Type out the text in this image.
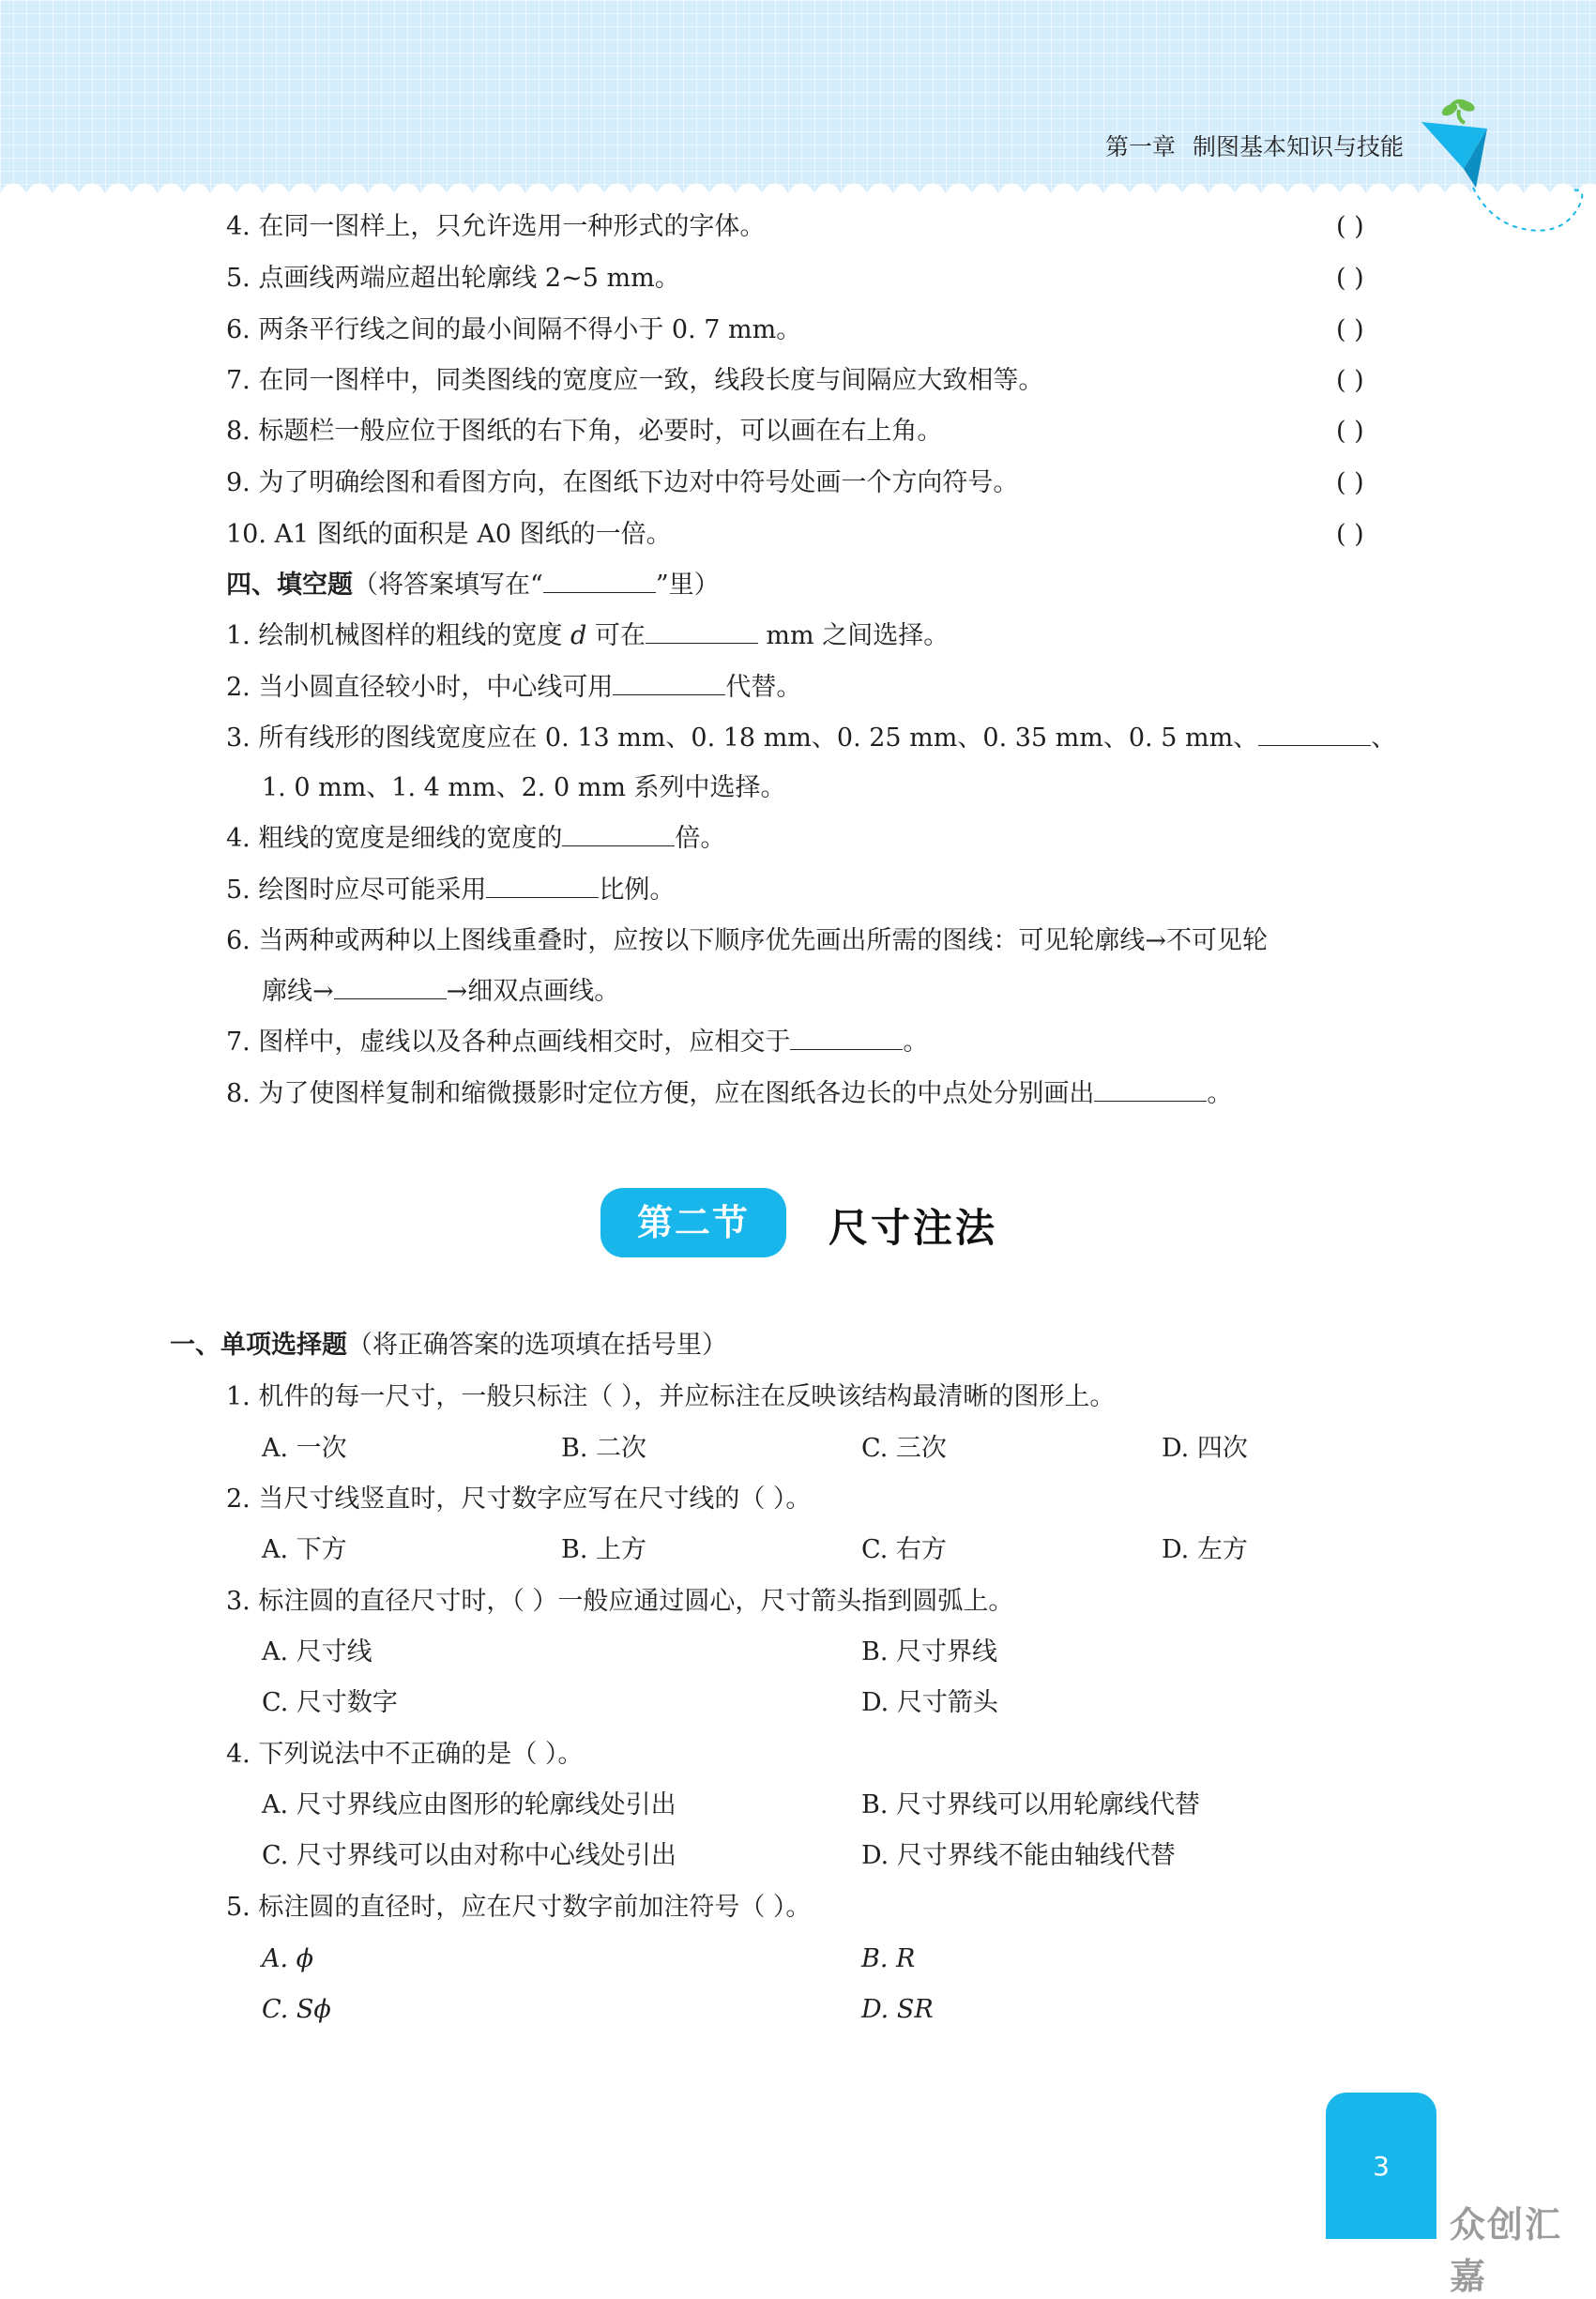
第一章 制图基本知识与技能
4. 在同一图样上，只允许选用一种形式的字体。	( )
5. 点画线两端应超出轮廓线 2~5 mm。	( )
6. 两条平行线之间的最小间隔不得小于 0. 7 mm。	( )
7. 在同一图样中，同类图线的宽度应一致，线段长度与间隔应大致相等。	( )
8. 标题栏一般应位于图纸的右下角，必要时，可以画在右上角。	( )
9. 为了明确绘图和看图方向，在图纸下边对中符号处画一个方向符号。	( )
10. A1 图纸的面积是 A0 图纸的一倍。	( )
四、填空题（将答案填写在“	”里）
1. 绘制机械图样的粗线的宽度 d 可在	mm 之间选择。
2. 当小圆直径较小时，中心线可用	代替。
3. 所有线形的图线宽度应在 0. 13 mm、0. 18 mm、0. 25 mm、0. 35 mm、0. 5 mm、	、
1. 0 mm、1. 4 mm、2. 0 mm 系列中选择。
4. 粗线的宽度是细线的宽度的	倍。
5. 绘图时应尽可能采用	比例。
6. 当两种或两种以上图线重叠时，应按以下顺序优先画出所需的图线：可见轮廓线→不可见轮
廓线→	→细双点画线。
7. 图样中，虚线以及各种点画线相交时，应相交于	。
8. 为了使图样复制和缩微摄影时定位方便，应在图纸各边长的中点处分别画出	。
第二节	尺寸注法
一、单项选择题（将正确答案的选项填在括号里）
1. 机件的每一尺寸，一般只标注（ ），并应标注在反映该结构最清晰的图形上。
A. 一次	B. 二次	C. 三次	D. 四次
2. 当尺寸线竖直时，尺寸数字应写在尺寸线的（ ）。
A. 下方	B. 上方	C. 右方	D. 左方
3. 标注圆的直径尺寸时，（ ）一般应通过圆心，尺寸箭头指到圆弧上。
A. 尺寸线	B. 尺寸界线
C. 尺寸数字	D. 尺寸箭头
4. 下列说法中不正确的是（ ）。
A. 尺寸界线应由图形的轮廓线处引出	B. 尺寸界线可以用轮廓线代替
C. 尺寸界线可以由对称中心线处引出	D. 尺寸界线不能由轴线代替
5. 标注圆的直径时，应在尺寸数字前加注符号（ ）。
A. ϕ	B. R
C. Sϕ	D. SR
3
众创汇嘉
